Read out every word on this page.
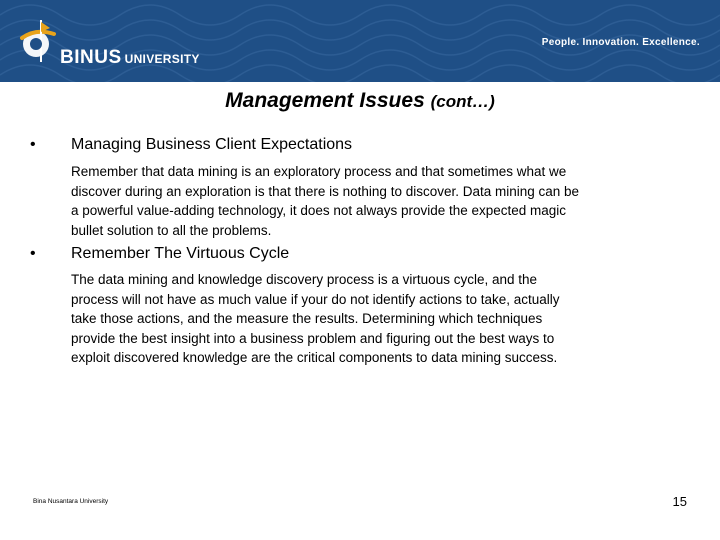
BINUS UNIVERSITY
People. Innovation. Excellence.
Management Issues (cont…)
• Managing Business Client Expectations
Remember that data mining is an exploratory process and that sometimes what we
discover during an exploration is that there is nothing to discover. Data mining can be
a powerful value-adding technology, it does not always provide the expected magic
bullet solution to all the problems.
• Remember The Virtuous Cycle
The data mining and knowledge discovery process is a virtuous cycle, and the
process will not have as much value if your do not identify actions to take, actually
take those actions, and the measure the results. Determining which techniques
provide the best insight into a business problem and figuring out the best ways to
exploit discovered knowledge are the critical components to data mining success.
Bina Nusantara University	15
